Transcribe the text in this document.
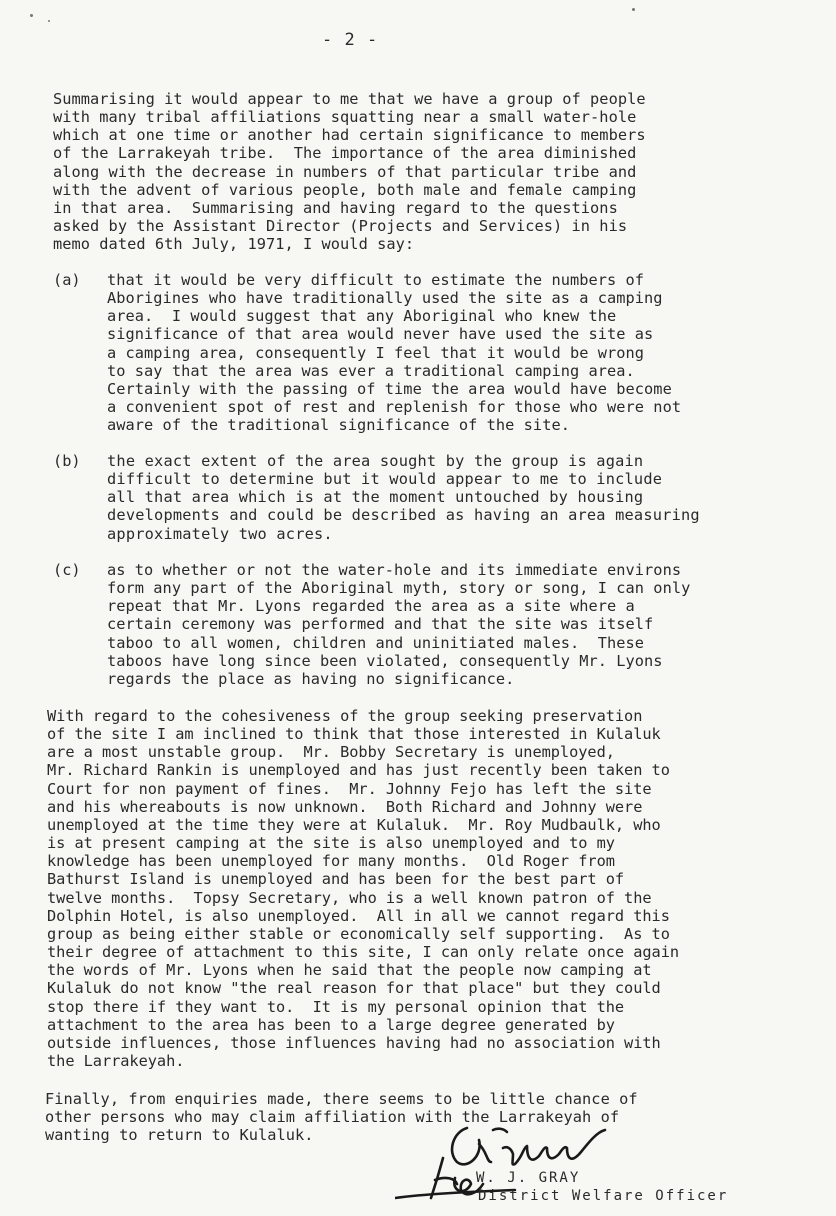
- 2 -

Summarising it would appear to me that we have a group of people
with many tribal affiliations squatting near a small water-hole
which at one time or another had certain significance to members
of the Larrakeyah tribe.  The importance of the area diminished
along with the decrease in numbers of that particular tribe and
with the advent of various people, both male and female camping
in that area.  Summarising and having regard to the questions
asked by the Assistant Director (Projects and Services) in his
memo dated 6th July, 1971, I would say:

(a) that it would be very difficult to estimate the numbers of
Aborigines who have traditionally used the site as a camping
area.  I would suggest that any Aboriginal who knew the
significance of that area would never have used the site as
a camping area, consequently I feel that it would be wrong
to say that the area was ever a traditional camping area.
Certainly with the passing of time the area would have become
a convenient spot of rest and replenish for those who were not
aware of the traditional significance of the site.

(b) the exact extent of the area sought by the group is again
difficult to determine but it would appear to me to include
all that area which is at the moment untouched by housing
developments and could be described as having an area measuring
approximately two acres.

(c) as to whether or not the water-hole and its immediate environs
form any part of the Aboriginal myth, story or song, I can only
repeat that Mr. Lyons regarded the area as a site where a
certain ceremony was performed and that the site was itself
taboo to all women, children and uninitiated males.  These
taboos have long since been violated, consequently Mr. Lyons
regards the place as having no significance.

With regard to the cohesiveness of the group seeking preservation
of the site I am inclined to think that those interested in Kulaluk
are a most unstable group.  Mr. Bobby Secretary is unemployed,
Mr. Richard Rankin is unemployed and has just recently been taken to
Court for non payment of fines.  Mr. Johnny Fejo has left the site
and his whereabouts is now unknown.  Both Richard and Johnny were
unemployed at the time they were at Kulaluk.  Mr. Roy Mudbaulk, who
is at present camping at the site is also unemployed and to my
knowledge has been unemployed for many months.  Old Roger from
Bathurst Island is unemployed and has been for the best part of
twelve months.  Topsy Secretary, who is a well known patron of the
Dolphin Hotel, is also unemployed.  All in all we cannot regard this
group as being either stable or economically self supporting.  As to
their degree of attachment to this site, I can only relate once again
the words of Mr. Lyons when he said that the people now camping at
Kulaluk do not know "the real reason for that place" but they could
stop there if they want to.  It is my personal opinion that the
attachment to the area has been to a large degree generated by
outside influences, those influences having had no association with
the Larrakeyah.

Finally, from enquiries made, there seems to be little chance of
other persons who may claim affiliation with the Larrakeyah of
wanting to return to Kulaluk.

W. J. GRAY
District Welfare Officer
